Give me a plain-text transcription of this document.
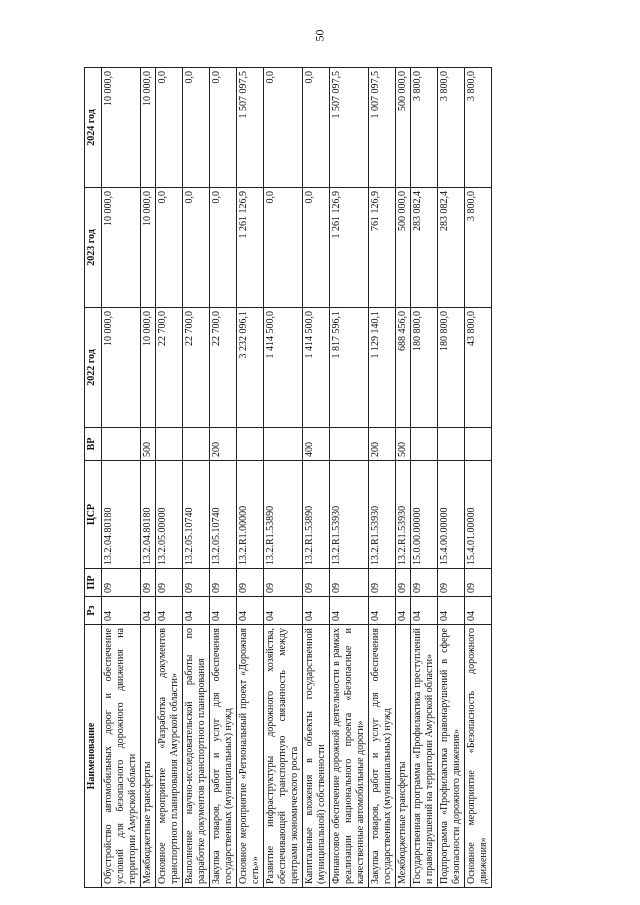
50
Наименование	Рз	ПР	ЦСР	ВР	2022 год	2023 год	2024 год
Обустройство автомобильных дорог и обеспечение условий для безопасного дорожного движения на территории Амурской области	04	09	13.2.04.80180		10 000,0	10 000,0	10 000,0
Межбюджетные трансферты	04	09	13.2.04.80180	500	10 000,0	10 000,0	10 000,0
Основное мероприятие «Разработка документов транспортного планирования Амурской области»	04	09	13.2.05.00000		22 700,0	0,0	0,0
Выполнение научно-исследовательской работы по разработке документов транспортного планирования	04	09	13.2.05.10740		22 700,0	0,0	0,0
Закупка товаров, работ и услуг для обеспечения государственных (муниципальных) нужд	04	09	13.2.05.10740	200	22 700,0	0,0	0,0
Основное мероприятие «Региональный проект «Дорожная сеть»»	04	09	13.2.R1.00000		3 232 096,1	1 261 126,9	1 507 097,5
Развитие инфраструктуры дорожного хозяйства, обеспечивающей транспортную связанность между центрами экономического роста	04	09	13.2.R1.53890		1 414 500,0	0,0	0,0
Капитальные вложения в объекты государственной (муниципальной) собственности	04	09	13.2.R1.53890	400	1 414 500,0	0,0	0,0
Финансовое обеспечение дорожной деятельности в рамках реализации национального проекта «Безопасные и качественные автомобильные дороги»	04	09	13.2.R1.53930		1 817 596,1	1 261 126,9	1 507 097,5
Закупка товаров, работ и услуг для обеспечения государственных (муниципальных) нужд	04	09	13.2.R1.53930	200	1 129 140,1	761 126,9	1 007 097,5
Межбюджетные трансферты	04	09	13.2.R1.53930	500	688 456,0	500 000,0	500 000,0
Государственная программа «Профилактика преступлений и правонарушений на территории Амурской области»	04	09	15.0.00.00000		180 800,0	283 082,4	3 800,0
Подпрограмма «Профилактика правонарушений в сфере безопасности дорожного движения»	04	09	15.4.00.00000		180 800,0	283 082,4	3 800,0
Основное мероприятие «Безопасность дорожного движения»	04	09	15.4.01.00000		43 800,0	3 800,0	3 800,0
